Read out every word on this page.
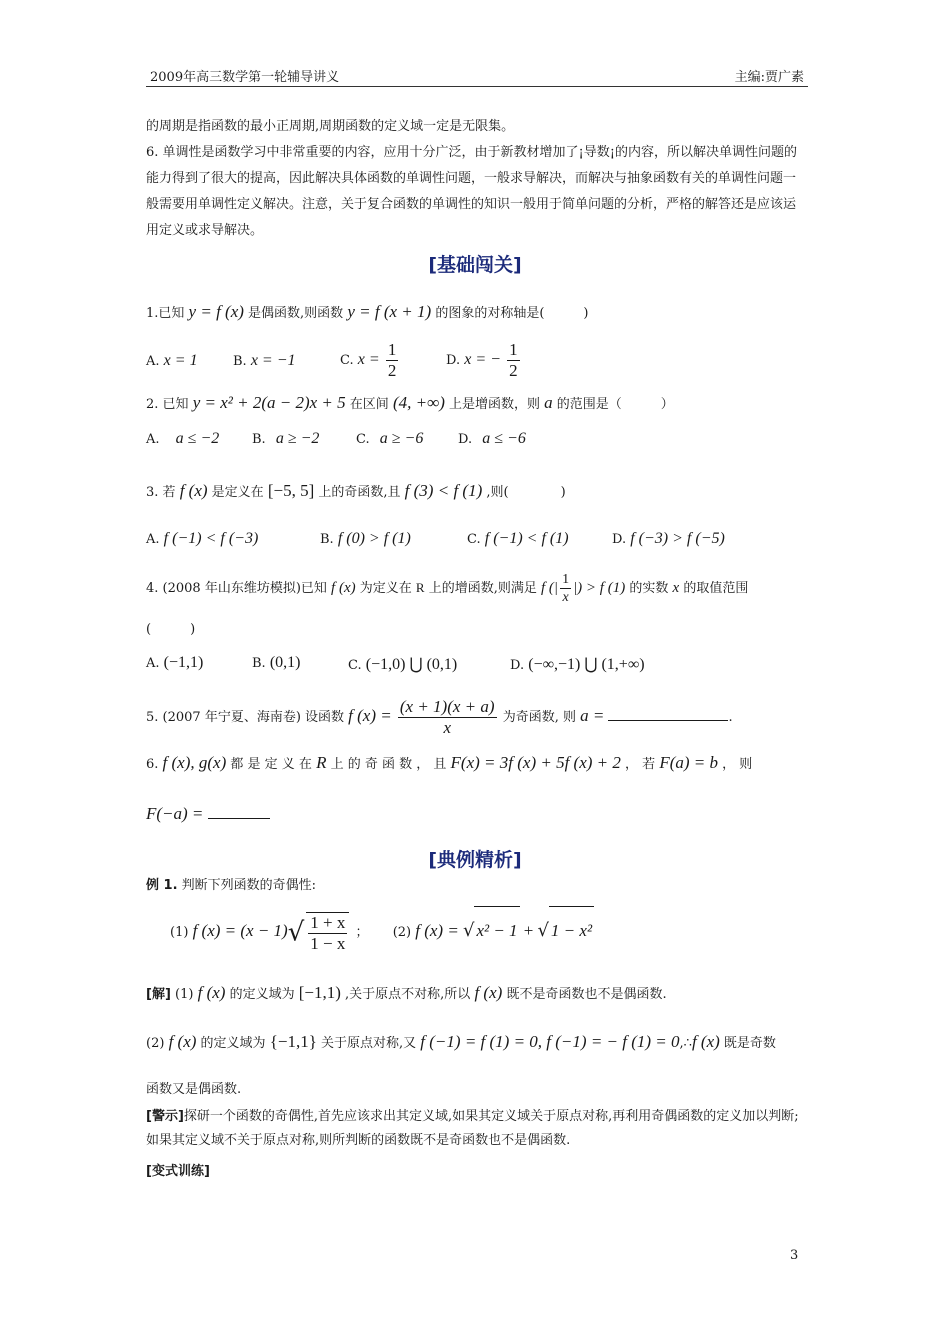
2009年高三数学第一轮辅导讲义	主编:贾广素
的周期是指函数的最小正周期,周期函数的定义域一定是无限集。
6. 单调性是函数学习中非常重要的内容，应用十分广泛，由于新教材增加了¡导数¡的内容，所以解决单调性问题的能力得到了很大的提高，因此解决具体函数的单调性问题，一般求导解决，而解决与抽象函数有关的单调性问题一般需要用单调性定义解决。注意，关于复合函数的单调性的知识一般用于简单问题的分析，严格的解答还是应该运用定义或求导解决。
[基础闯关]
1.已知 y = f (x) 是偶函数,则函数 y = f (x + 1) 的图象的对称轴是(　　　)
A. x = 1	B. x = −1	C. $x = \frac{1}{2}$	D. x = − $\frac{1}{2}$
2. 已知 y = x² + 2(a − 2)x + 5 在区间 (4, +∞) 上是增函数，则 a 的范围是（　　　）
A. a ≤ −2	B. a ≥ −2	C. a ≥ −6	D. a ≤ −6
3. 若 f (x) 是定义在 [−5, 5] 上的奇函数,且 f (3) < f (1) ,则(　　　　)
A. f (−1) < f (−3)	B. f (0) > f (1)	C. f (−1) < f (1)	D. f (−3) > f (−5)
4. (2008 年山东维坊模拟)已知 f (x) 为定义在 R 上的增函数,则满足 f (| $\frac{1}{x}$ |) > f (1) 的实数 x 的取值范围
(　　　)
A. (−1,1)	B. (0,1)	C. (−1,0) ⋃ (0,1)	D. (−∞,−1) ⋃ (1,+∞)
5. (2007 年宁夏、海南卷) 设函数 f $(x) = \frac{(x + 1)(x + a)}{x}$ 为奇函数, 则 a =	.
6. f (x), g(x) 都 是 定 义 在 R 上 的 奇 函 数 ， 且 F(x) = 3f (x) + 5f (x) + 2 ， 若 F(a) = b ， 则
F(−a) =
[典例精析]
例 1. 判断下列函数的奇偶性:
(1) f $(x) = (x - 1)√ \frac{1 + x}{1 - x}$ ； (2) f (x) = √ x² − 1 + √ 1 − x²
[解] (1) f (x) 的定义域为 [−1,1) ,关于原点不对称,所以 f (x) 既不是奇函数也不是偶函数.
(2) f (x) 的定义域为 {−1,1} 关于原点对称,又 f (−1) = f (1) = 0, f (−1) = − f (1) = 0,∴f (x) 既是奇数
函数又是偶函数.
[警示]探研一个函数的奇偶性,首先应该求出其定义域,如果其定义域关于原点对称,再利用奇偶函数的定义加以判断;如果其定义域不关于原点对称,则所判断的函数既不是奇函数也不是偶函数.
[变式训练]
3
